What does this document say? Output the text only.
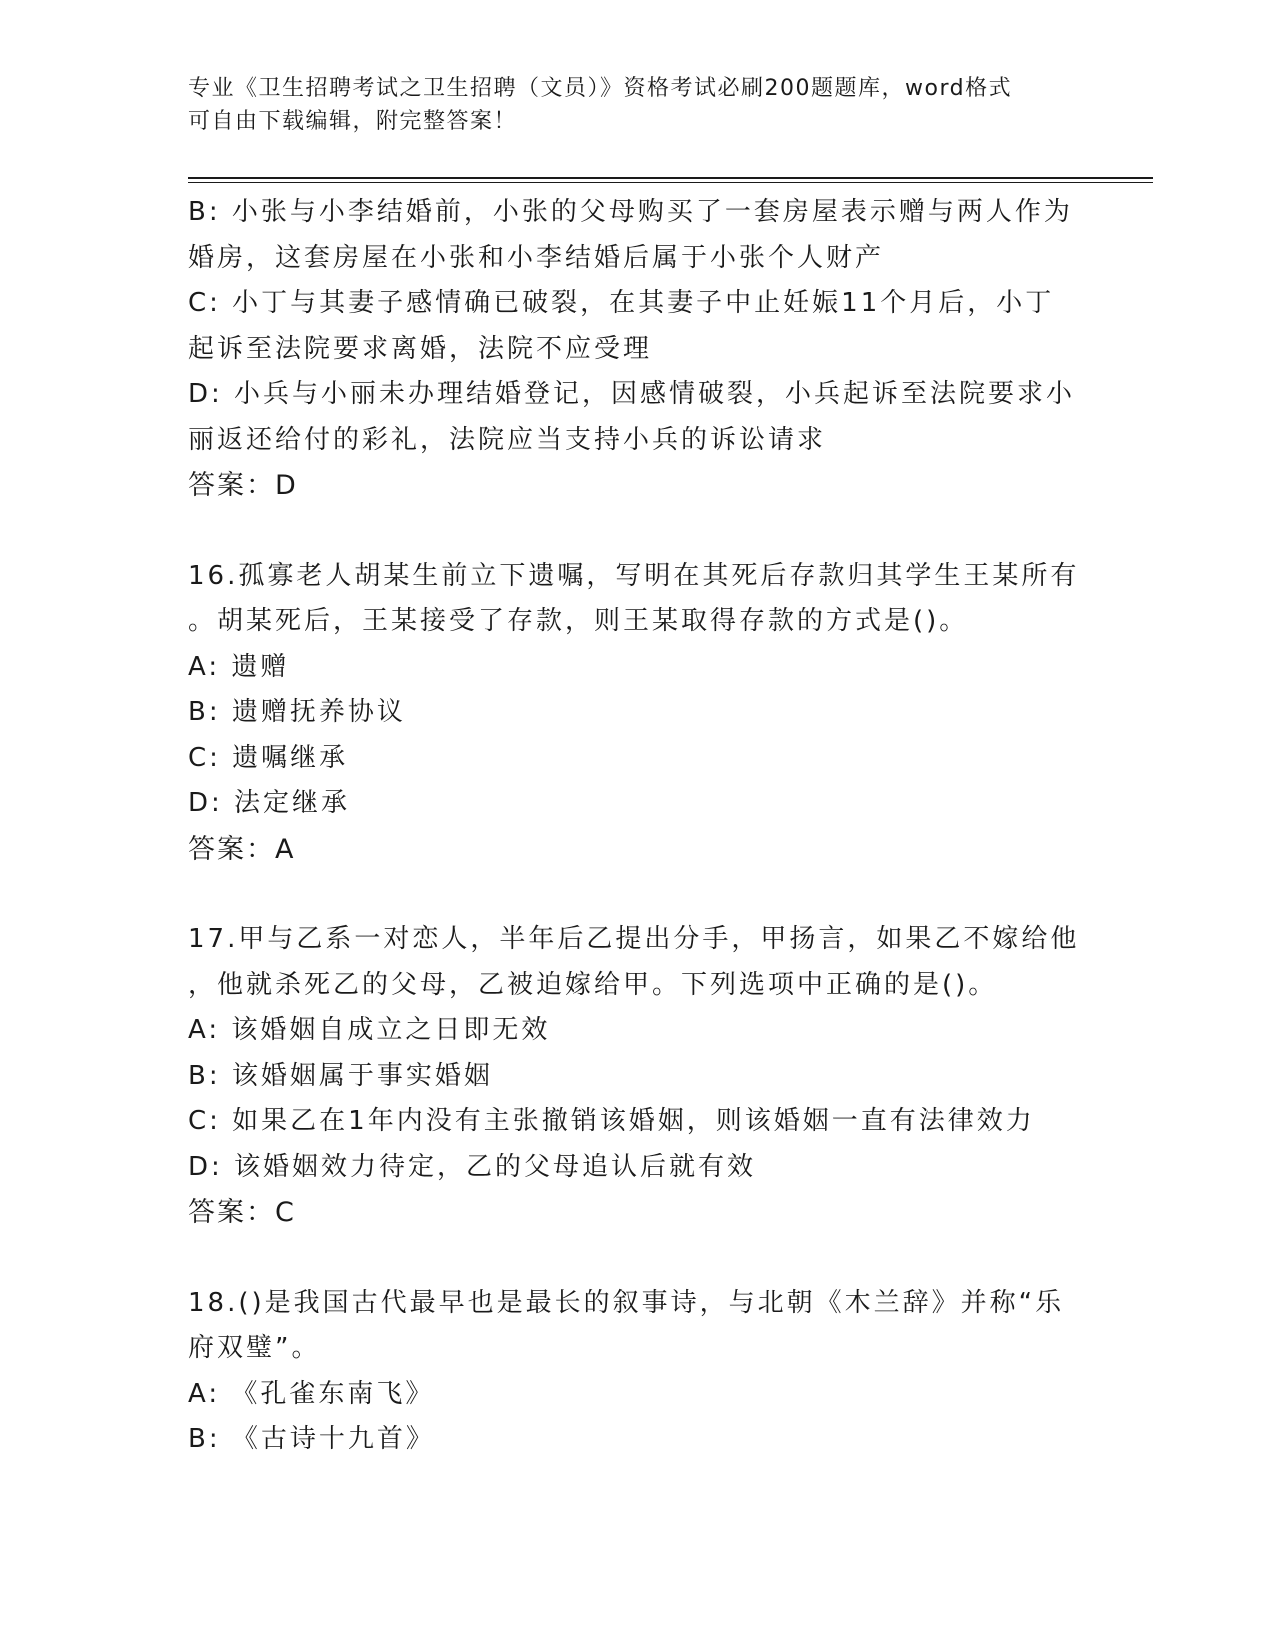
专业《卫生招聘考试之卫生招聘（文员）》资格考试必刷200题题库，word格式
可自由下载编辑，附完整答案！
B: 小张与小李结婚前，小张的父母购买了一套房屋表示赠与两人作为
婚房，这套房屋在小张和小李结婚后属于小张个人财产
C: 小丁与其妻子感情确已破裂，在其妻子中止妊娠11个月后，小丁
起诉至法院要求离婚，法院不应受理
D: 小兵与小丽未办理结婚登记，因感情破裂，小兵起诉至法院要求小
丽返还给付的彩礼，法院应当支持小兵的诉讼请求
答案：D
16.孤寡老人胡某生前立下遗嘱，写明在其死后存款归其学生王某所有
。胡某死后，王某接受了存款，则王某取得存款的方式是()。
A: 遗赠
B: 遗赠抚养协议
C: 遗嘱继承
D: 法定继承
答案：A
17.甲与乙系一对恋人，半年后乙提出分手，甲扬言，如果乙不嫁给他
，他就杀死乙的父母，乙被迫嫁给甲。下列选项中正确的是()。
A: 该婚姻自成立之日即无效
B: 该婚姻属于事实婚姻
C: 如果乙在1年内没有主张撤销该婚姻，则该婚姻一直有法律效力
D: 该婚姻效力待定，乙的父母追认后就有效
答案：C
18.()是我国古代最早也是最长的叙事诗，与北朝《木兰辞》并称“乐
府双璧”。
A: 《孔雀东南飞》
B: 《古诗十九首》
